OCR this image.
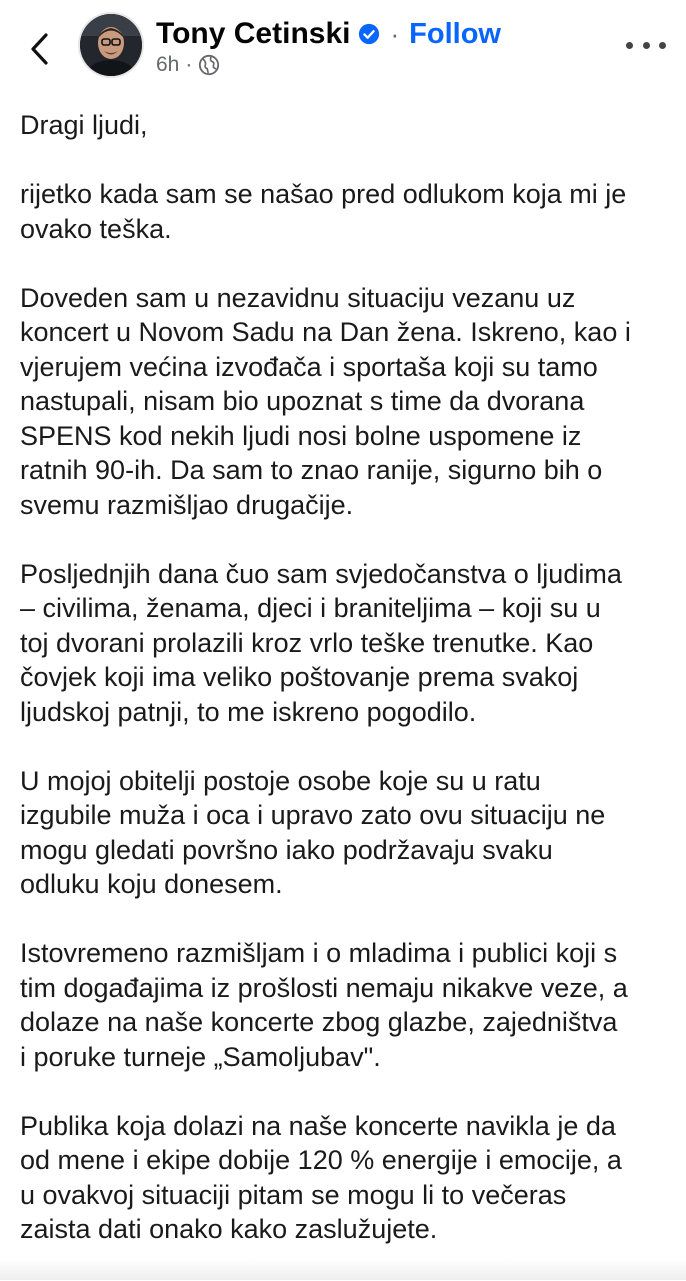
Tony Cetinski · Follow
6h ·

Dragi ljudi,

rijetko kada sam se našao pred odlukom koja mi je
ovako teška.

Doveden sam u nezavidnu situaciju vezanu uz
koncert u Novom Sadu na Dan žena. Iskreno, kao i
vjerujem većina izvođača i sportaša koji su tamo
nastupali, nisam bio upoznat s time da dvorana
SPENS kod nekih ljudi nosi bolne uspomene iz
ratnih 90-ih. Da sam to znao ranije, sigurno bih o
svemu razmišljao drugačije.

Posljednjih dana čuo sam svjedočanstva o ljudima
– civilima, ženama, djeci i braniteljima – koji su u
toj dvorani prolazili kroz vrlo teške trenutke. Kao
čovjek koji ima veliko poštovanje prema svakoj
ljudskoj patnji, to me iskreno pogodilo.

U mojoj obitelji postoje osobe koje su u ratu
izgubile muža i oca i upravo zato ovu situaciju ne
mogu gledati površno iako podržavaju svaku
odluku koju donesem.

Istovremeno razmišljam i o mladima i publici koji s
tim događajima iz prošlosti nemaju nikakve veze, a
dolaze na naše koncerte zbog glazbe, zajedništva
i poruke turneje „Samoljubav".

Publika koja dolazi na naše koncerte navikla je da
od mene i ekipe dobije 120 % energije i emocije, a
u ovakvoj situaciji pitam se mogu li to večeras
zaista dati onako kako zaslužujete.
